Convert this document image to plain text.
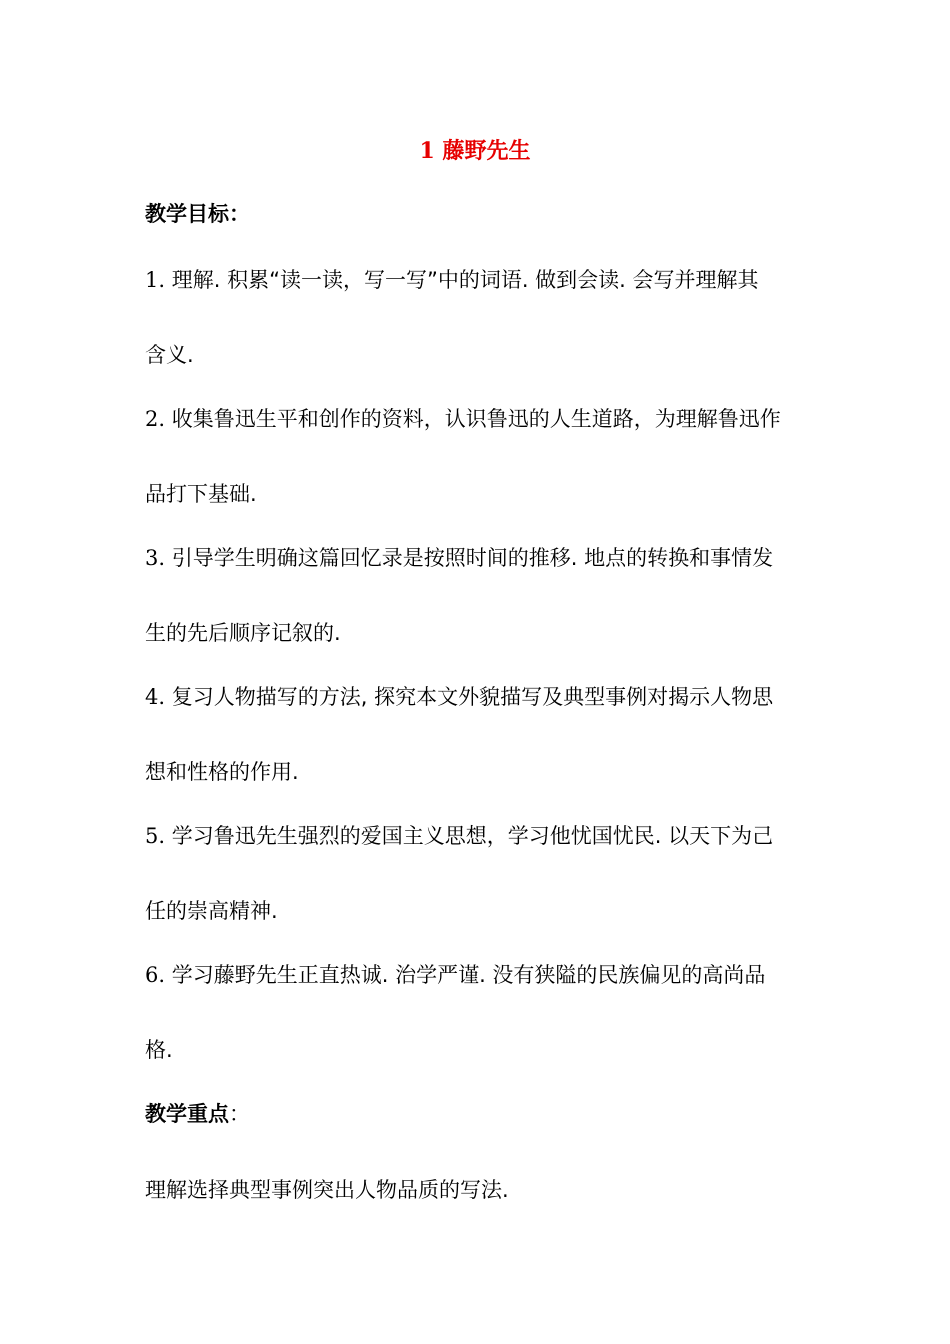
1 藤野先生
教学目标：
1. 理解. 积累“读一读，写一写”中的词语. 做到会读. 会写并理解其
含义.
2. 收集鲁迅生平和创作的资料，认识鲁迅的人生道路，为理解鲁迅作
品打下基础.
3. 引导学生明确这篇回忆录是按照时间的推移. 地点的转换和事情发
生的先后顺序记叙的.
4. 复习人物描写的方法, 探究本文外貌描写及典型事例对揭示人物思
想和性格的作用.
5. 学习鲁迅先生强烈的爱国主义思想，学习他忧国忧民. 以天下为己
任的崇高精神.
6. 学习藤野先生正直热诚. 治学严谨. 没有狭隘的民族偏见的高尚品
格.
教学重点：
理解选择典型事例突出人物品质的写法.
